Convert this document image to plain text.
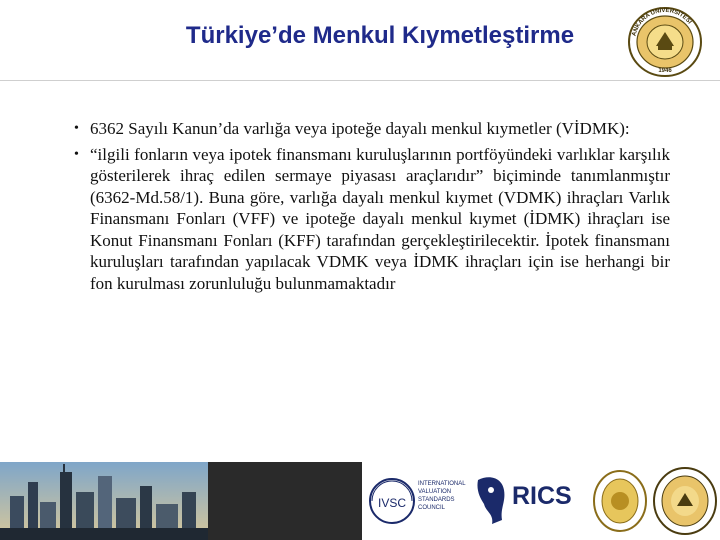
Türkiye’de Menkul Kıymetleştirme	ANKARA ÜNİVERSİTESİ
1946

• 6362 Sayılı Kanun’da varlığa veya ipoteğe dayalı menkul kıymetler (VİDMK):

• “ilgili fonların veya ipotek finansmanı kuruluşlarının portföyündeki varlıklar karşılık gösterilerek ihraç edilen sermaye piyasası araçlarıdır” biçiminde tanımlanmıştır (6362-Md.58/1). Buna göre, varlığa dayalı menkul kıymet (VDMK) ihraçları Varlık Finansmanı Fonları (VFF) ve ipoteğe dayalı menkul kıymet (İDMK) ihraçları ise Konut Finansmanı Fonları (KFF) tarafından gerçekleştirilecektir. İpotek finansmanı kuruluşları tarafından yapılacak VDMK veya İDMK ihraçları için ise herhangi bir fon kurulması zorunluluğu bulunmamaktadır

IVSC
INTERNATIONAL
VALUATION
STANDARDS
COUNCIL	RICS
